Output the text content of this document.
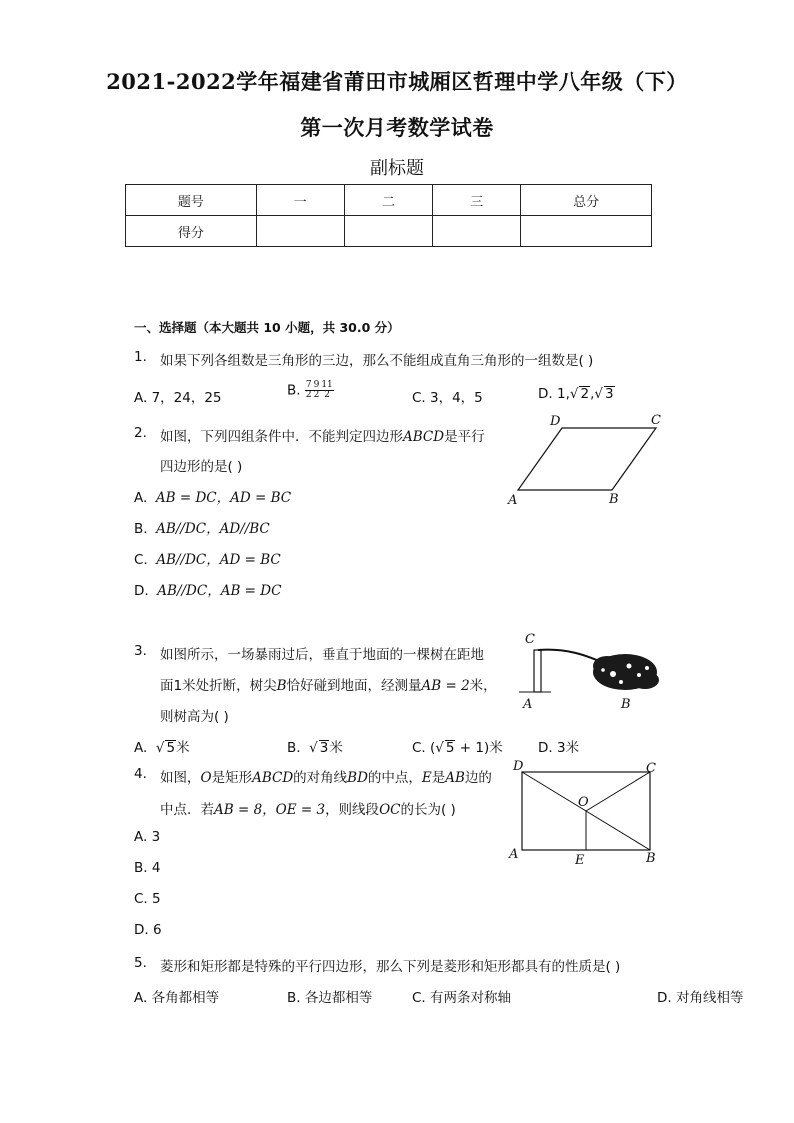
2021-2022学年福建省莆田市城厢区哲理中学八年级（下）
第一次月考数学试卷
副标题
题号	一	二	三	总分
得分				
一、选择题（本大题共 10 小题，共 30.0 分）
1. 如果下列各组数是三角形的三边，那么不能组成直角三角形的一组数是( )
A. 7，24，25	B. $\frac{7}{2} \frac{9}{2} \frac{11}{2}$	C. 3，4，5	D. 1,√ 2,√ 3
2. 如图，下列四组条件中．不能判定四边形ABCD是平行
四边形的是( )
A. AB = DC，AD = BC
B. AB//DC，AD//BC
C. AB//DC，AD = BC
D. AB//DC，AB = DC
A	B
C
D
3. 如图所示，一场暴雨过后，垂直于地面的一棵树在距地
面1米处折断，树尖B恰好碰到地面，经测量AB = 2米，
则树高为( )
A.  √ 5米	B.  √ 3米	C. (√ 5 + 1)米	D. 3米
C
A	B
4. 如图，O是矩形ABCD的对角线BD的中点，E是AB边的
中点．若AB = 8，OE = 3，则线段OC的长为( )
A. 3
B. 4
C. 5
D. 6
D	C
A	B
E
O
5. 菱形和矩形都是特殊的平行四边形，那么下列是菱形和矩形都具有的性质是( )
A. 各角都相等	B. 各边都相等	C. 有两条对称轴	D. 对角线相等
